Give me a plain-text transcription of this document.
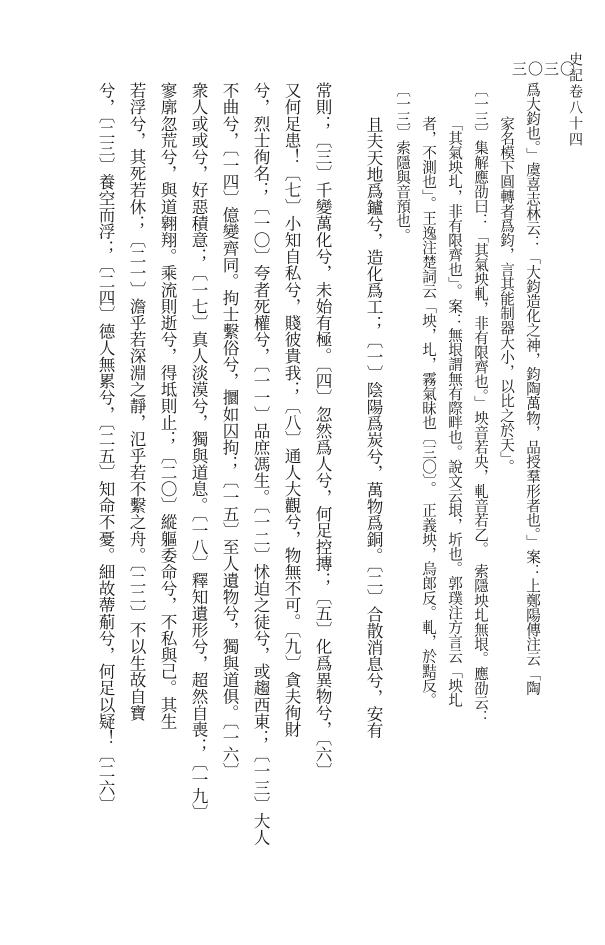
三〇三〇
史記卷八十四
爲大鈞也。」虞喜志林云：「大鈞造化之神，鈞陶萬物，品授羣形者也。」案：上鄭陽傳注云「陶
家名模下圓轉者爲鈞，言其能制器大小，以比之於天」。
〔一三〕集解應劭曰：「其氣坱軋，非有限齊也。」坱音若央，軋音若乙。　索隱坱圠無垠。應劭云：
「其氣坱圠，非有限齊也」。案：無垠謂無有際畔也。說文云垠，圻也。郭璞注方言云「坱圠
者，不測也」。王逸注楚詞云「坱，圠，霧氣昧也〔三〇〕。　正義坱，烏郎反。軋，於黠反。
〔一三〕索隱與音預也。
且夫天地爲鑪兮，造化爲工；〔一〕陰陽爲炭兮，萬物爲銅。〔二〕合散消息兮，安有
常則；〔三〕千變萬化兮，未始有極。〔四〕忽然爲人兮，何足控摶；〔五〕化爲異物兮，〔六〕
又何足患！〔七〕小知自私兮，賤彼貴我；〔八〕通人大觀兮，物無不可。〔九〕貪夫徇財
兮，烈士徇名；〔一〇〕夸者死權兮，〔一一〕品庶馮生。〔一二〕怵迫之徒兮，或趨西東；〔一三〕大人
不曲兮，〔一四〕億變齊同。拘士繫俗兮，攌如囚拘；〔一五〕至人遺物兮，獨與道俱。〔一六〕
衆人或或兮，好惡積意；〔一七〕真人淡漠兮，獨與道息。〔一八〕釋知遺形兮，超然自喪；〔一九〕
寥廓忽荒兮，與道翱翔。乘流則逝兮，得坻則止；〔二〇〕縱軀委命兮，不私與己。其生
若浮兮，其死若休；〔二一〕澹乎若深淵之靜，氾乎若不繫之舟。〔二二〕不以生故自寶
兮，〔二三〕養空而浮；〔二四〕德人無累兮，〔二五〕知命不憂。細故蔕葪兮，何足以疑！〔二六〕
